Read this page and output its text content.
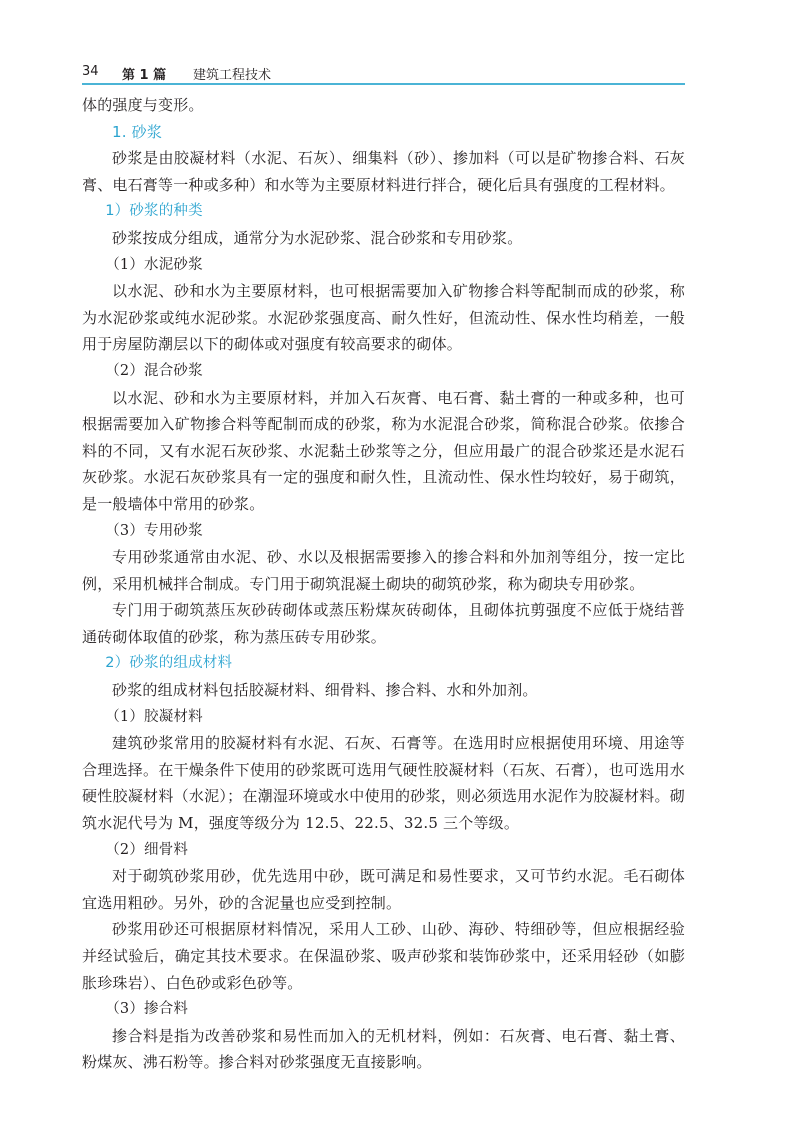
34 第 1 篇 建筑工程技术

体的强度与变形。

1. 砂浆

砂浆是由胶凝材料（水泥、石灰）、细集料（砂）、掺加料（可以是矿物掺合料、石灰膏、电石膏等一种或多种）和水等为主要原材料进行拌合，硬化后具有强度的工程材料。

1）砂浆的种类

砂浆按成分组成，通常分为水泥砂浆、混合砂浆和专用砂浆。

（1）水泥砂浆

以水泥、砂和水为主要原材料，也可根据需要加入矿物掺合料等配制而成的砂浆，称为水泥砂浆或纯水泥砂浆。水泥砂浆强度高、耐久性好，但流动性、保水性均稍差，一般用于房屋防潮层以下的砌体或对强度有较高要求的砌体。

（2）混合砂浆

以水泥、砂和水为主要原材料，并加入石灰膏、电石膏、黏土膏的一种或多种，也可根据需要加入矿物掺合料等配制而成的砂浆，称为水泥混合砂浆，简称混合砂浆。依掺合料的不同，又有水泥石灰砂浆、水泥黏土砂浆等之分，但应用最广的混合砂浆还是水泥石灰砂浆。水泥石灰砂浆具有一定的强度和耐久性，且流动性、保水性均较好，易于砌筑，是一般墙体中常用的砂浆。

（3）专用砂浆

专用砂浆通常由水泥、砂、水以及根据需要掺入的掺合料和外加剂等组分，按一定比例，采用机械拌合制成。专门用于砌筑混凝土砌块的砌筑砂浆，称为砌块专用砂浆。

专门用于砌筑蒸压灰砂砖砌体或蒸压粉煤灰砖砌体，且砌体抗剪强度不应低于烧结普通砖砌体取值的砂浆，称为蒸压砖专用砂浆。

2）砂浆的组成材料

砂浆的组成材料包括胶凝材料、细骨料、掺合料、水和外加剂。

（1）胶凝材料

建筑砂浆常用的胶凝材料有水泥、石灰、石膏等。在选用时应根据使用环境、用途等合理选择。在干燥条件下使用的砂浆既可选用气硬性胶凝材料（石灰、石膏），也可选用水硬性胶凝材料（水泥）；在潮湿环境或水中使用的砂浆，则必须选用水泥作为胶凝材料。砌筑水泥代号为 M，强度等级分为 12.5、22.5、32.5 三个等级。

（2）细骨料

对于砌筑砂浆用砂，优先选用中砂，既可满足和易性要求，又可节约水泥。毛石砌体宜选用粗砂。另外，砂的含泥量也应受到控制。

砂浆用砂还可根据原材料情况，采用人工砂、山砂、海砂、特细砂等，但应根据经验并经试验后，确定其技术要求。在保温砂浆、吸声砂浆和装饰砂浆中，还采用轻砂（如膨胀珍珠岩）、白色砂或彩色砂等。

（3）掺合料

掺合料是指为改善砂浆和易性而加入的无机材料，例如：石灰膏、电石膏、黏土膏、粉煤灰、沸石粉等。掺合料对砂浆强度无直接影响。
